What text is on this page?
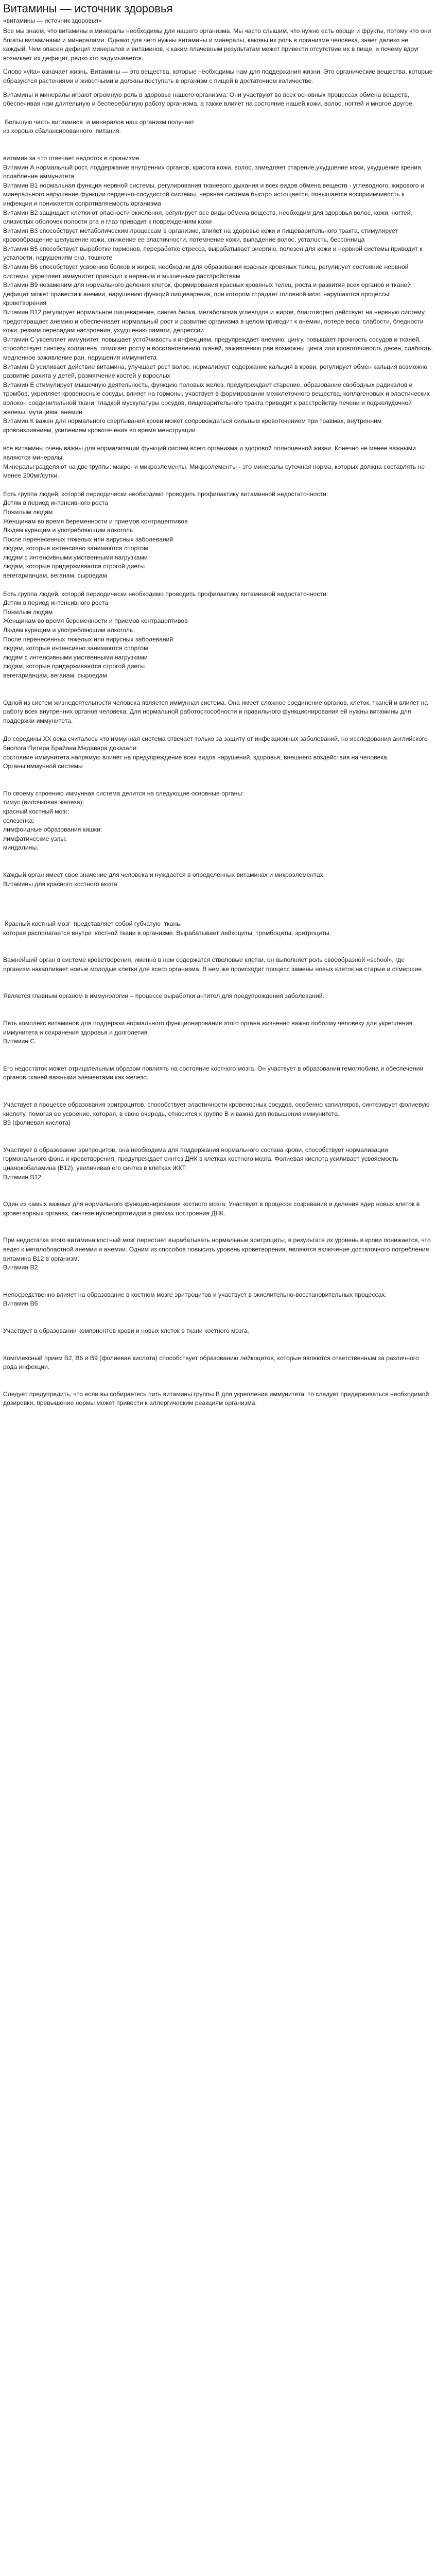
Витамины — источник здоровья

«витамины — источник здоровья»

Все мы знаем, что витамины и минералы необходимы для нашего организма. Мы часто слышим, что нужно есть овощи и фрукты, потому что они богаты витаминами и минералами. Однако для чего нужны витамины и минералы, каковы их роль в организме человека, знает далеко не каждый. Чем опасен дефицит минералов и витаминов, к каким плачевным результатам может привести отсутствие их в пище, и почему вдруг возникает их дефицит, редко кто задумывается.

Слово «vita» означает жизнь. Витамины — это вещества, которые необходимы нам для поддержания жизни. Это органические вещества, которые образуются растениями и животными и должны поступать в организм с пищей в достаточном количестве.

Витамины и минералы играют огромную роль в здоровье нашего организма. Они участвуют во всех основных процессах обмена веществ, обеспечивая нам длительную и беспереболную работу организма, а также влияет на состояние нашей кожи, волос, ногтей и многое другое.

Большую часть витаминов  и минералов наш организм получает
из хорошо сбалансированного  питания.

витамин за что отвечает недосток в организме
Витамин А нормальный рост, поддержание внутренних органов, красота кожи, волос, замедляет старение,ухудшение кожи, ухудшение зрения, ослабление иммунитета
Витамин B1 нормальная функция нервной системы, регулирования тканевого дыхания и всех видов обмена веществ - углеводного, жирового и минерального нарушение функции сердечно-сосудистой системы, нервная система быстро истощается, повышается восприимчивость к инфекции и понижается сопротивляемость организма
Витамин B2 защищает клетки от опасности окисления, регулирует все виды обмена веществ, необходим для здоровья волос, кожи, ногтей, слизистых оболочек полости рта и глаз приводит к повреждениям кожи
Витамин B3 способствует метаболическим процессам в организме, влияет на здоровье кожи и пищеварительного тракта, стимулирует кровообращение шелушение кожи, снижение ее эластичности, потемнение кожи, выпадение волос, усталость, бессонница
Витамин B5 способствует выработке гормонов, переработке стресса, вырабатывает энергию, полезен для кожи и нервной системы приводит к усталости, нарушениям сна, тошноте
Витамин B6 способствует усвоению белков и жиров, необходим для образования красных кровяных телец, регулирует состояние нервной системы, укрепляет иммунитет приводит к нервным и мышечным расстройствам
Витамин B9 незаменим для нормального деления клеток, формирования красных кровяных телец, роста и развития всех органов и тканей дефицит может привести к анемии, нарушению функций пищеварения, при котором страдает головной мозг, нарушаются процессы кроветворения
Витамин В12 регулирует нормальное пищеварение, синтез белка, метаболизма углеводов и жиров, благотворно действует на нервную систему, предотвращает анемию и обеспечивает нормальный рост и развитие организма в целом приводит к анемии, потере веса, слабости, бледности кожи, резким перепадам настроения, ухудшению памяти, депрессии
Витамин С укрепляет иммунитет, повышает устойчивость к инфекциям, предупреждает анемию, цингу, повышает прочность сосудов и тканей, способствует синтезу коллагена, помогает росту и восстановлению тканей, заживлению ран возможны цинга или кровоточивость десен, слабость, медленное заживление ран, нарушения иммунитета
Витамин D усиливает действие витамина, улучшает рост волос, нормализует содержание кальция в крови, регулирует обмен кальция возможно развитие рахита у детей, размягчение костей у взрослых
Витамин Е стимулирует мышечную деятельность, функцию половых желез, предупреждает старение, образование свободных радикалов и тромбов, укрепляет кровеносные сосуды, влияет на гормоны, участвует в формировании межклеточного вещества, коллагеновых и эластических волокон соединительной ткани, гладкой мускулатуры сосудов, пищеварительного тракта приводит к расстройству печени и поджелудочной железы, мутациям, анемии
Витамин К важен для нормального свертывания крови может сопровождаться сильным кровотечением при травмах, внутренним кровоизлиянием, усилением кровотечения во время менструации

все витамины очень важны для нормализации функций систем всего организма и здоровой полноценной жизни. Конечно не менее важными являются минералы.
Минералы разделяют на две группы: макро- и микроэлементы. Микроэлементы - это минералы суточная норма, которых должна составлять не менее 200мг/сутки.

Есть группа людей, которой периодически необходимо проводить профилактику витаминной недостаточности:
Детям в период интенсивного роста
Пожилым людям
Женщинам во время беременности и приемов контрацептивов
Людям курящим и употребляющим алкоголь
После перенесенных тяжелых или вирусных заболеваний
людям, которые интенсивно занимаются спортом
людям с интенсивными умственными нагрузками
людям, которые придерживаются строгой диеты
вегетарианцам, веганам, сыроедам

Есть группа людей, которой периодически необходимо проводить профилактику витаминной недостаточности:
Детям в период интенсивного роста
Пожилым людям
Женщинам во время беременности и приемов контрацептивов
Людям курящим и употребляющим алкоголь
После перенесенных тяжелых или вирусных заболеваний
людям, которые интенсивно занимаются спортом
людям с интенсивными умственными нагрузками
людям, которые придерживаются строгой диеты
вегетарианцам, веганам, сыроедам

Одной из систем жизнедеятельности человека является иммунная система. Она имеет сложное соединение органов, клеток, тканей и влияет на работу всех внутренних органов человека. Для нормальной работоспособности и правильного функционирования ей нужны витамины для поддержки иммунитета.

До середины XX века считалось что иммунная система отвечает только за защиту от инфекционных заболеваний, но исследования английского биолога Питера Брайана Медавара доказали:
состояние иммунитета напрямую влияет на предупреждение всех видов нарушений, здоровья, внешнего воздействия на человека.
Органы иммунной системы

По своему строению иммунная система делится на следующие основные органы:
тимус (вилочковая железа);
красный костный мозг;
селезенка;
лимфоидные образования кишки;
лимфатические узлы;
миндалины.

Каждый орган имеет свое значение для человека и нуждается в определенных витаминах и микроэлементах.
Витамины для красного костного мозга

Красный костный мозг  представляет собой губчатую  ткань,
которая располагается внутри  костной ткани в организме. Вырабатывает лейкоциты, тромбоциты, эритроциты.

Важнейший орган в системе кроветворения, именно в нем содержатся стволовые клетки, он выполняет роль своеобразной «school», где организм накапливает новые молодые клетки для всего организма. В нем же происходит процесс замены новых клеток на старые и отмершие.

Является главным органом в иммунологии – процессе выработки антител для предупреждения заболеваний.

Пять комплекс витаминов для поддержки нормального функционирования этого органа жизненно важно поболму человеку для укрепления иммунитета и сохранения здоровья и долголетия.
Витамин С

Его недостаток может отрицательным образом повлиять на состояние костного мозга. Он участвует в образовании гемоглобина и обеспечении органов тканей важными элементами как железо.

Участвует в процессе образования эритроцитов, способствует эластичности кровеносных сосудов, особенно капилляров, синтезирует фолиевую кислоту, помогая ее усвоение, которая, в свою очередь, относится к группе В и важна для повышения иммунитета.
В9 (фолиевая кислота)

Участвует в образовании эритроцитов, она необходима для поддержания нормального состава крови, способствует нормализации гормонального фона и кроветворения, предупреждает синтез ДНК в клетках костного мозга. Фолиевая кислота усиливает усвояемость цианокобаламина (B12), увеличивая его синтез в клетках ЖКТ.
Витамин В12

Один из самых важных для нормального функционирования костного мозга. Участвует в процессе созревания и деления ядер новых клеток в кроветворных органах, синтезе нуклеопротеидов в рамках построения ДНК.

При недостатке этого витамина костный мозг перестает вырабатывать нормальные эритроциты, в результате их уровень в крови понижается, что ведет к мегалобластной анемии и анемии. Одним из способов повысить уровень кроветворения, являются включение достаточного потребления витамина B12 в организм.
Витамин В2

Непосредственно влияет на образование в костном мозге эритроцитов и участвует в окислительно-восстановительных процессах.
Витамин В6

Участвует в образовании компонентов крови и новых клеток в ткани костного мозга.

Комплексный прием В2, В6 и В9 (фолиевая кислота) способствует образованию лейкоцитов, которые являются ответственным за различного рода инфекции.

Следует предупредить, что если вы собираетесь пить витамины группы В для укрепления иммунитета, то следует придерживаться необходимой дозировки, превышение нормы может привести к аллергическим реакциям организма.
